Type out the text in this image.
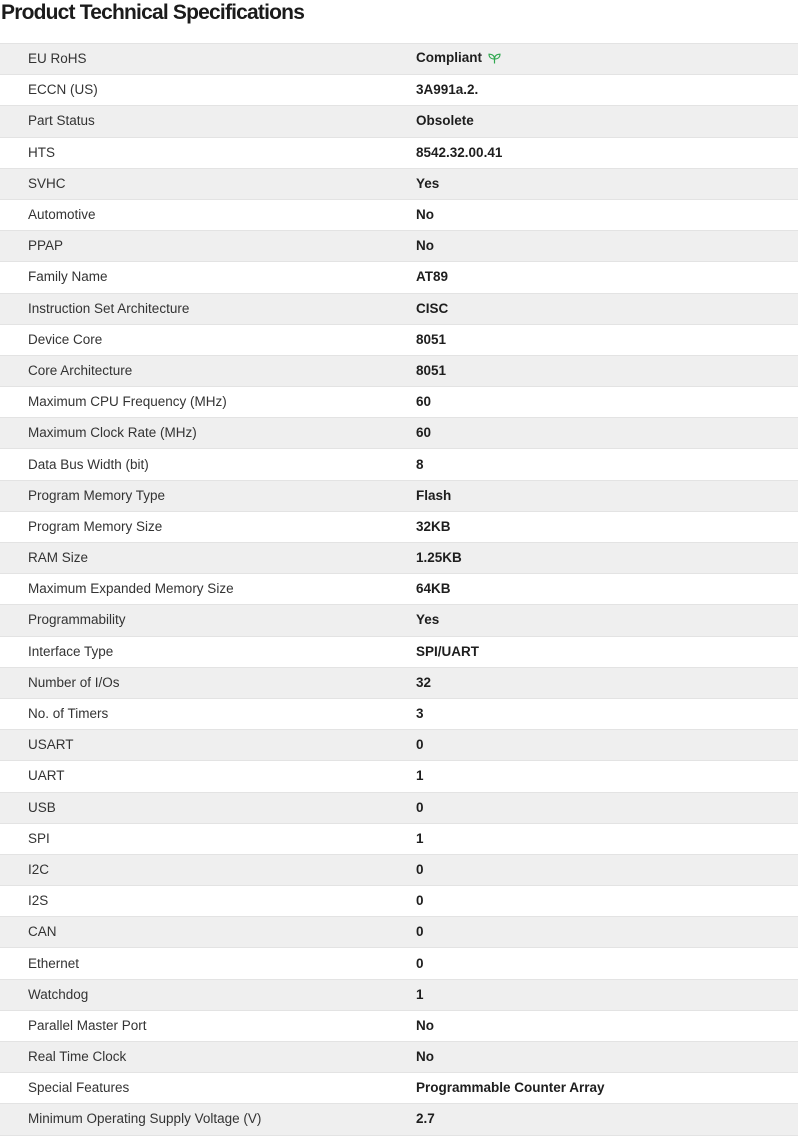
Product Technical Specifications
EU RoHS	Compliant
ECCN (US)	3A991a.2.
Part Status	Obsolete
HTS	8542.32.00.41
SVHC	Yes
Automotive	No
PPAP	No
Family Name	AT89
Instruction Set Architecture	CISC
Device Core	8051
Core Architecture	8051
Maximum CPU Frequency (MHz)	60
Maximum Clock Rate (MHz)	60
Data Bus Width (bit)	8
Program Memory Type	Flash
Program Memory Size	32KB
RAM Size	1.25KB
Maximum Expanded Memory Size	64KB
Programmability	Yes
Interface Type	SPI/UART
Number of I/Os	32
No. of Timers	3
USART	0
UART	1
USB	0
SPI	1
I2C	0
I2S	0
CAN	0
Ethernet	0
Watchdog	1
Parallel Master Port	No
Real Time Clock	No
Special Features	Programmable Counter Array
Minimum Operating Supply Voltage (V)	2.7
